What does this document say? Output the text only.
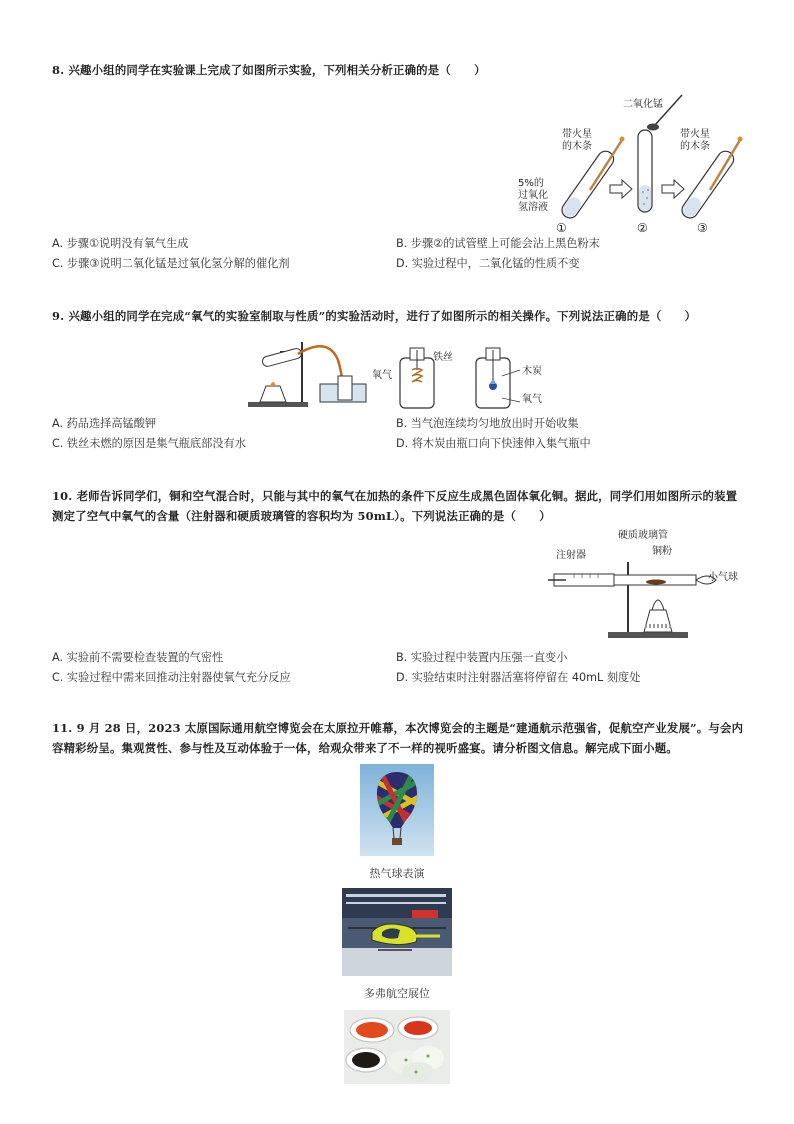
8. 兴趣小组的同学在实验课上完成了如图所示实验，下列相关分析正确的是（　　）
二氧化锰
带火星
的木条
带火星
的木条
5%的
过氧化
氢溶液
①	②	③
A. 步骤①说明没有氧气生成	B. 步骤②的试管壁上可能会沾上黑色粉末
C. 步骤③说明二氧化锰是过氧化氢分解的催化剂	D. 实验过程中，二氧化锰的性质不变
9. 兴趣小组的同学在完成“氧气的实验室制取与性质”的实验活动时，进行了如图所示的相关操作。下列说法正确的是（　　）
氧气
铁丝
木炭
氧气
A. 药品选择高锰酸钾	B. 当气泡连续均匀地放出时开始收集
C. 铁丝未燃的原因是集气瓶底部没有水	D. 将木炭由瓶口向下快速伸入集气瓶中
10. 老师告诉同学们，铜和空气混合时，只能与其中的氧气在加热的条件下反应生成黑色固体氧化铜。据此，同学们用如图所示的装置测定了空气中氧气的含量（注射器和硬质玻璃管的容积均为 50mL）。下列说法正确的是（　　）
硬质玻璃管
注射器	铜粉
小气球
A. 实验前不需要检查装置的气密性	B. 实验过程中装置内压强一直变小
C. 实验过程中需来回推动注射器使氧气充分反应	D. 实验结束时注射器活塞将停留在 40mL 刻度处
11. 9 月 28 日，2023 太原国际通用航空博览会在太原拉开帷幕，本次博览会的主题是“建通航示范强省，促航空产业发展”。与会内容精彩纷呈。集观赏性、参与性及互动体验于一体，给观众带来了不一样的视听盛宴。请分析图文信息。解完成下面小题。
热气球表演
多弗航空展位
